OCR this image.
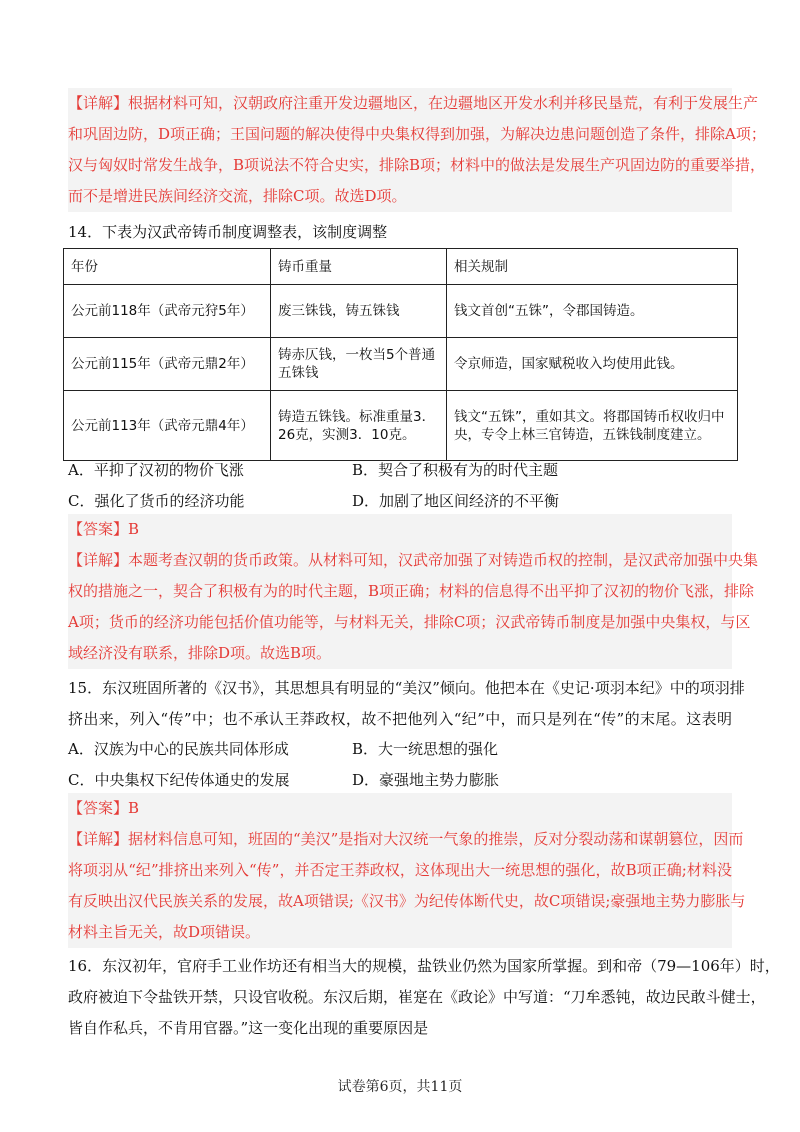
【详解】根据材料可知，汉朝政府注重开发边疆地区，在边疆地区开发水利并移民垦荒，有利于发展生产
和巩固边防，D项正确；王国问题的解决使得中央集权得到加强，为解决边患问题创造了条件，排除A项；
汉与匈奴时常发生战争，B项说法不符合史实，排除B项；材料中的做法是发展生产巩固边防的重要举措，
而不是增进民族间经济交流，排除C项。故选D项。
14．下表为汉武帝铸币制度调整表，该制度调整
年份	铸币重量	相关规制
公元前118年（武帝元狩5年）	废三铢钱，铸五铢钱	钱文首创“五铢”，令郡国铸造。
公元前115年（武帝元鼎2年）	铸赤仄钱，一枚当5个普通五铢钱	令京师造，国家赋税收入均使用此钱。
公元前113年（武帝元鼎4年）	铸造五铢钱。标准重量3．26克，实测3．10克。	钱文“五铢”，重如其文。将郡国铸币权收归中央，专令上林三官铸造，五铢钱制度建立。
A．平抑了汉初的物价飞涨	B．契合了积极有为的时代主题
C．强化了货币的经济功能	D．加剧了地区间经济的不平衡
【答案】B
【详解】本题考查汉朝的货币政策。从材料可知，汉武帝加强了对铸造币权的控制，是汉武帝加强中央集
权的措施之一，契合了积极有为的时代主题，B项正确；材料的信息得不出平抑了汉初的物价飞涨，排除
A项；货币的经济功能包括价值功能等，与材料无关，排除C项；汉武帝铸币制度是加强中央集权，与区
域经济没有联系，排除D项。故选B项。
15．东汉班固所著的《汉书》，其思想具有明显的“美汉”倾向。他把本在《史记·项羽本纪》中的项羽排
挤出来，列入“传”中；也不承认王莽政权，故不把他列入“纪”中，而只是列在“传”的末尾。这表明
A．汉族为中心的民族共同体形成	B．大一统思想的强化
C．中央集权下纪传体通史的发展	D．豪强地主势力膨胀
【答案】B
【详解】据材料信息可知，班固的“美汉”是指对大汉统一气象的推崇，反对分裂动荡和谋朝篡位，因而
将项羽从“纪”排挤出来列入“传”，并否定王莽政权，这体现出大一统思想的强化，故B项正确;材料没
有反映出汉代民族关系的发展，故A项错误;《汉书》为纪传体断代史，故C项错误;豪强地主势力膨胀与
材料主旨无关，故D项错误。
16．东汉初年，官府手工业作坊还有相当大的规模，盐铁业仍然为国家所掌握。到和帝（79—106年）时，
政府被迫下令盐铁开禁，只设官收税。东汉后期，崔寔在《政论》中写道：“刀牟悉钝，故边民敢斗健士，
皆自作私兵，不肯用官器。”这一变化出现的重要原因是
试卷第6页，共11页
